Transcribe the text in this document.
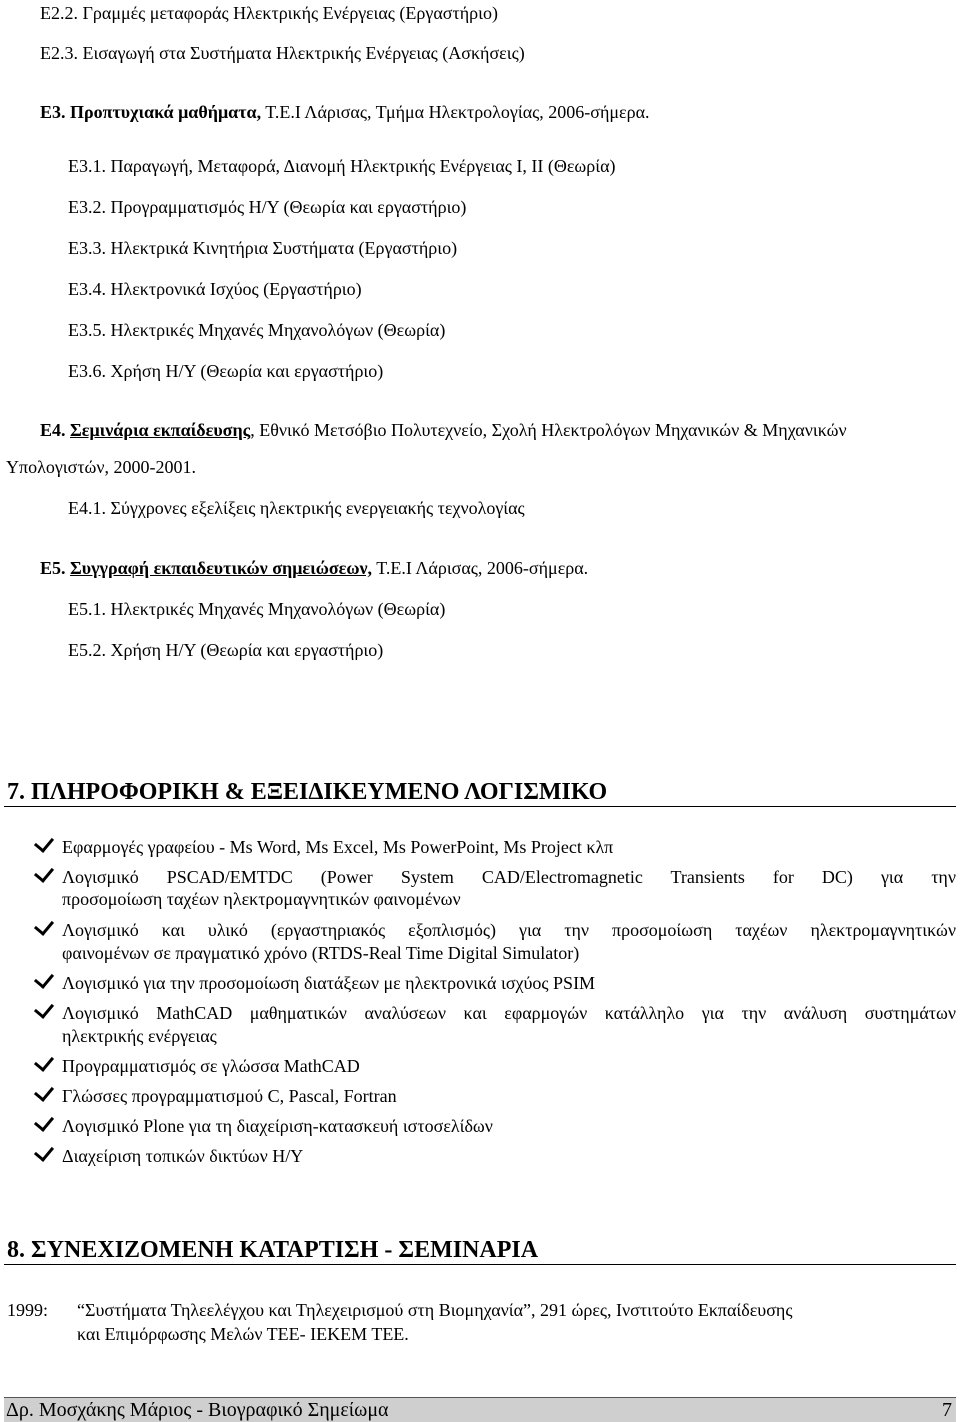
Ε2.2. Γραμμές μεταφοράς Ηλεκτρικής Ενέργειας (Εργαστήριο)
Ε2.3. Εισαγωγή στα Συστήματα Ηλεκτρικής Ενέργειας (Ασκήσεις)
Ε3. Προπτυχιακά μαθήματα, Τ.Ε.Ι Λάρισας, Τμήμα Ηλεκτρολογίας, 2006-σήμερα.
Ε3.1. Παραγωγή, Μεταφορά, Διανομή Ηλεκτρικής Ενέργειας Ι, ΙΙ (Θεωρία)
Ε3.2. Προγραμματισμός Η/Υ (Θεωρία και εργαστήριο)
Ε3.3. Ηλεκτρικά Κινητήρια Συστήματα (Εργαστήριο)
Ε3.4. Ηλεκτρονικά Ισχύος (Εργαστήριο)
Ε3.5. Ηλεκτρικές Μηχανές Μηχανολόγων (Θεωρία)
Ε3.6. Χρήση Η/Υ (Θεωρία και εργαστήριο)
Ε4. Σεμινάρια εκπαίδευσης, Εθνικό Μετσόβιο Πολυτεχνείο, Σχολή Ηλεκτρολόγων Μηχανικών & Μηχανικών
Υπολογιστών, 2000-2001.
Ε4.1. Σύγχρονες εξελίξεις ηλεκτρικής ενεργειακής τεχνολογίας
Ε5. Συγγραφή εκπαιδευτικών σημειώσεων, Τ.Ε.Ι Λάρισας, 2006-σήμερα.
Ε5.1. Ηλεκτρικές Μηχανές Μηχανολόγων (Θεωρία)
Ε5.2. Χρήση Η/Υ (Θεωρία και εργαστήριο)
7. ΠΛΗΡΟΦΟΡΙΚΗ & ΕΞΕΙΔΙΚΕΥΜΕΝΟ ΛΟΓΙΣΜΙΚΟ
Εφαρμογές γραφείου - Ms Word, Ms Excel, Ms PowerPoint, Ms Project κλπ
Λογισμικό PSCAD/EMTDC (Power System CAD/Electromagnetic Transients for DC) για την
προσομοίωση ταχέων ηλεκτρομαγνητικών φαινομένων
Λογισμικό και υλικό (εργαστηριακός εξοπλισμός) για την προσομοίωση ταχέων ηλεκτρομαγνητικών
φαινομένων σε πραγματικό χρόνο (RTDS-Real Time Digital Simulator)
Λογισμικό για την προσομοίωση διατάξεων με ηλεκτρονικά ισχύος PSIM
Λογισμικό MathCAD μαθηματικών αναλύσεων και εφαρμογών κατάλληλο για την ανάλυση συστημάτων
ηλεκτρικής ενέργειας
Προγραμματισμός σε γλώσσα MathCAD
Γλώσσες προγραμματισμού C, Pascal, Fortran
Λογισμικό Plone για τη διαχείριση-κατασκευή ιστοσελίδων
Διαχείριση τοπικών δικτύων Η/Υ
8. ΣΥΝΕΧΙΖΟΜΕΝΗ ΚΑΤΑΡΤΙΣΗ - ΣΕΜΙΝΑΡΙΑ
1999: “Συστήματα Τηλεελέγχου και Τηλεχειρισμού στη Βιομηχανία”, 291 ώρες, Ινστιτούτο Εκπαίδευσης
και Επιμόρφωσης Μελών ΤΕΕ- ΙΕΚΕΜ ΤΕΕ.
Δρ. Μοσχάκης Μάριος - Βιογραφικό Σημείωμα	7
